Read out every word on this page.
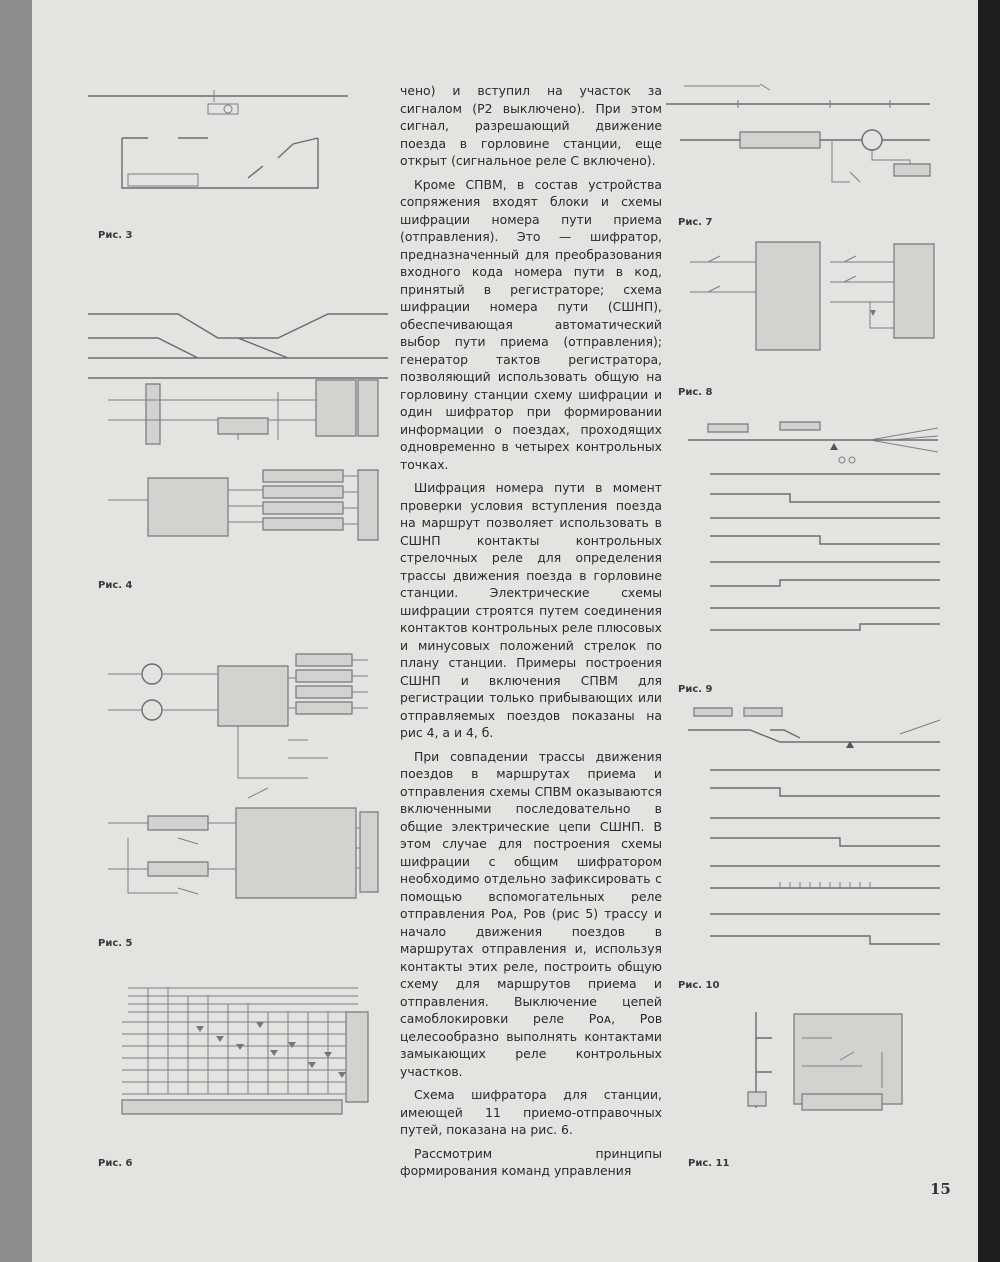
Рис. 3
Рис. 4
Рис. 5
Рис. 6
Рис. 7
Рис. 8
Рис. 9
Рис. 10
Рис. 11

чено) и вступил на участок за сигналом (Р2 выключено). При этом сигнал, разрешающий движение поезда в горловине станции, еще открыт (сигнальное реле С включено).

Кроме СПВМ, в состав устройства сопряжения входят блоки и схемы шифрации номера пути приема (отправления). Это — шифратор, предназначенный для преобразования входного кода номера пути в код, принятый в регистраторе; схема шифрации номера пути (СШНП), обеспечивающая автоматический выбор пути приема (отправления); генератор тактов регистратора, позволяющий использовать общую на горловину станции схему шифрации и один шифратор при формировании информации о поездах, проходящих одновременно в четырех контрольных точках.

Шифрация номера пути в момент проверки условия вступления поезда на маршрут позволяет использовать в СШНП контакты контрольных стрелочных реле для определения трассы движения поезда в горловине станции. Электрические схемы шифрации строятся путем соединения контактов контрольных реле плюсовых и минусовых положений стрелок по плану станции. Примеры построения СШНП и включения СПВМ для регистрации только прибывающих или отправляемых поездов показаны на рис 4, а и 4, б.

При совпадении трассы движения поездов в маршрутах приема и отправления схемы СПВМ оказываются включенными последовательно в общие электрические цепи СШНП. В этом случае для построения схемы шифрации с общим шифратором необходимо отдельно зафиксировать с помощью вспомогательных реле отправления Pᴏᴀ, Pᴏʙ (рис 5) трассу и начало движения поездов в маршрутах отправления и, используя контакты этих реле, построить общую схему для маршрутов приема и отправления. Выключение цепей самоблокировки реле Pᴏᴀ, Pᴏʙ целесообразно выполнять контактами замыкающих реле контрольных участков.

Схема шифратора для станции, имеющей 11 приемо-отправочных путей, показана на рис. 6.

Рассмотрим принципы формирования команд управления

15
